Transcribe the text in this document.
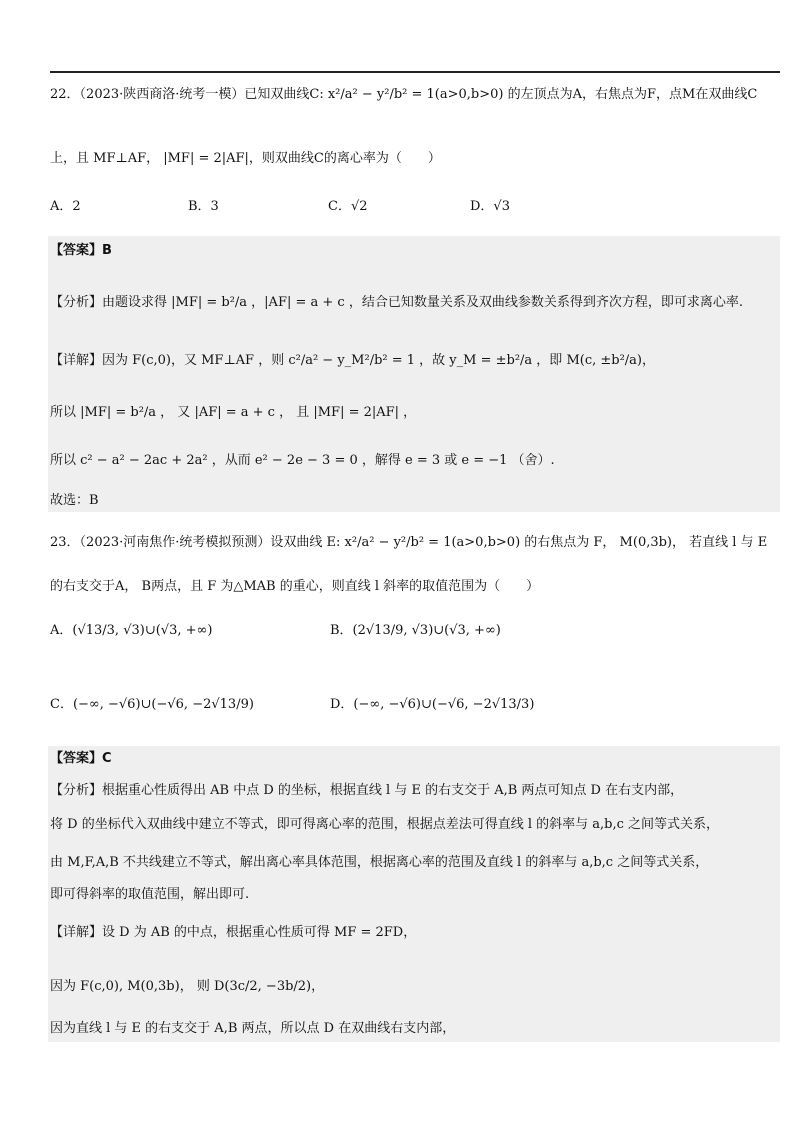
22．（2023·陕西商洛·统考一模）已知双曲线C: x²/a² − y²/b² = 1(a>0,b>0) 的左顶点为A，右焦点为F，点M在双曲线C
上，且 MF⊥AF， |MF| = 2|AF|，则双曲线C的离心率为（　　）
A．2	B．3	C．√2	D．√3
【答案】B
【分析】由题设求得 |MF| = b²/a ，|AF| = a + c ，结合已知数量关系及双曲线参数关系得到齐次方程，即可求离心率.
【详解】因为 F(c,0)，又 MF⊥AF ，则 c²/a² − y_M²/b² = 1 ，故 y_M = ±b²/a ，即 M(c, ±b²/a)，
所以 |MF| = b²/a ， 又 |AF| = a + c ， 且 |MF| = 2|AF| ，
所以 c² − a² − 2ac + 2a² ，从而 e² − 2e − 3 = 0 ，解得 e = 3 或 e = −1 （舍）.
故选：B
23．（2023·河南焦作·统考模拟预测）设双曲线 E: x²/a² − y²/b² = 1(a>0,b>0) 的右焦点为 F， M(0,3b)， 若直线 l 与 E
的右支交于A， B两点，且 F 为△MAB 的重心，则直线 l 斜率的取值范围为（　　）
A．(√13/3, √3)∪(√3, +∞)	B．(2√13/9, √3)∪(√3, +∞)
C．(−∞, −√6)∪(−√6, −2√13/9)	D．(−∞, −√6)∪(−√6, −2√13/3)
【答案】C
【分析】根据重心性质得出 AB 中点 D 的坐标，根据直线 l 与 E 的右支交于 A,B 两点可知点 D 在右支内部，
将 D 的坐标代入双曲线中建立不等式，即可得离心率的范围，根据点差法可得直线 l 的斜率与 a,b,c 之间等式关系，
由 M,F,A,B 不共线建立不等式，解出离心率具体范围，根据离心率的范围及直线 l 的斜率与 a,b,c 之间等式关系，
即可得斜率的取值范围，解出即可.
【详解】设 D 为 AB 的中点，根据重心性质可得 MF = 2FD，
因为 F(c,0), M(0,3b)， 则 D(3c/2, −3b/2)，
因为直线 l 与 E 的右支交于 A,B 两点，所以点 D 在双曲线右支内部，
